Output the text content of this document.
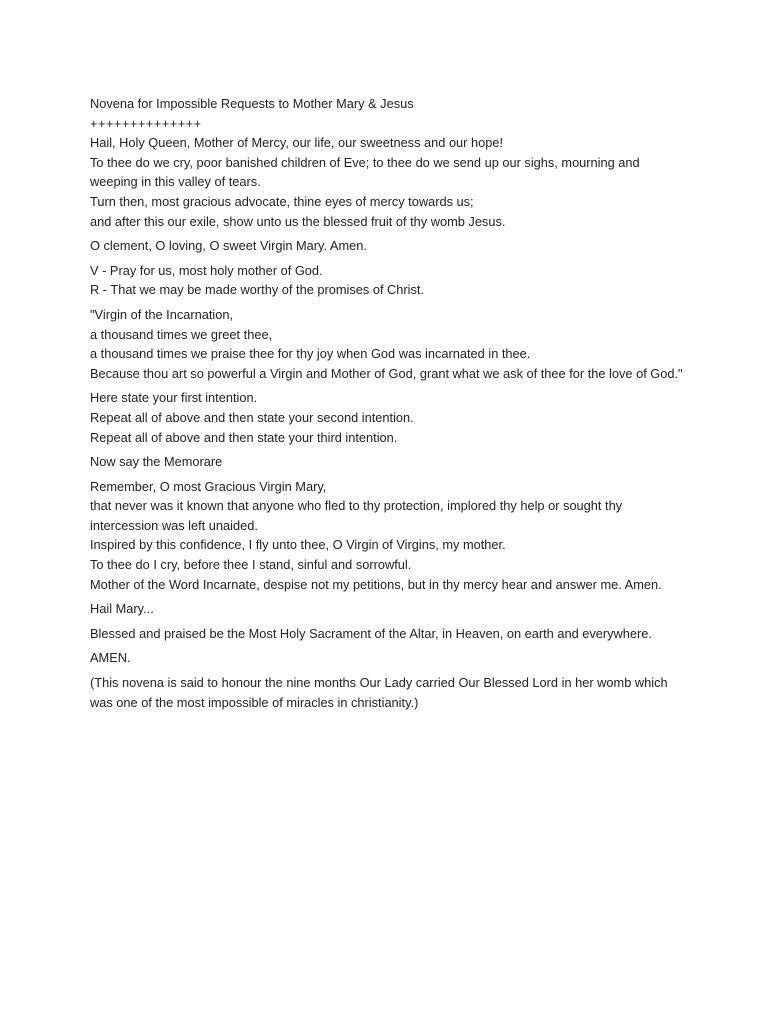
Novena for Impossible Requests to Mother Mary & Jesus
++++++++++++++
Hail, Holy Queen, Mother of Mercy, our life, our sweetness and our hope!
To thee do we cry, poor banished children of Eve; to thee do we send up our sighs, mourning and weeping in this valley of tears.
Turn then, most gracious advocate, thine eyes of mercy towards us;
and after this our exile, show unto us the blessed fruit of thy womb Jesus.
O clement, O loving, O sweet Virgin Mary. Amen.
V - Pray for us, most holy mother of God.
R - That we may be made worthy of the promises of Christ.
"Virgin of the Incarnation,
a thousand times we greet thee,
a thousand times we praise thee for thy joy when God was incarnated in thee.
Because thou art so powerful a Virgin and Mother of God, grant what we ask of thee for the love of God."
Here state your first intention.
Repeat all of above and then state your second intention.
Repeat all of above and then state your third intention.
Now say the Memorare
Remember, O most Gracious Virgin Mary,
that never was it known that anyone who fled to thy protection, implored thy help or sought thy intercession was left unaided.
Inspired by this confidence, I fly unto thee, O Virgin of Virgins, my mother.
To thee do I cry, before thee I stand, sinful and sorrowful.
Mother of the Word Incarnate, despise not my petitions, but in thy mercy hear and answer me. Amen.
Hail Mary...
Blessed and praised be the Most Holy Sacrament of the Altar, in Heaven, on earth and everywhere.
AMEN.
(This novena is said to honour the nine months Our Lady carried Our Blessed Lord in her womb which was one of the most impossible of miracles in christianity.)
